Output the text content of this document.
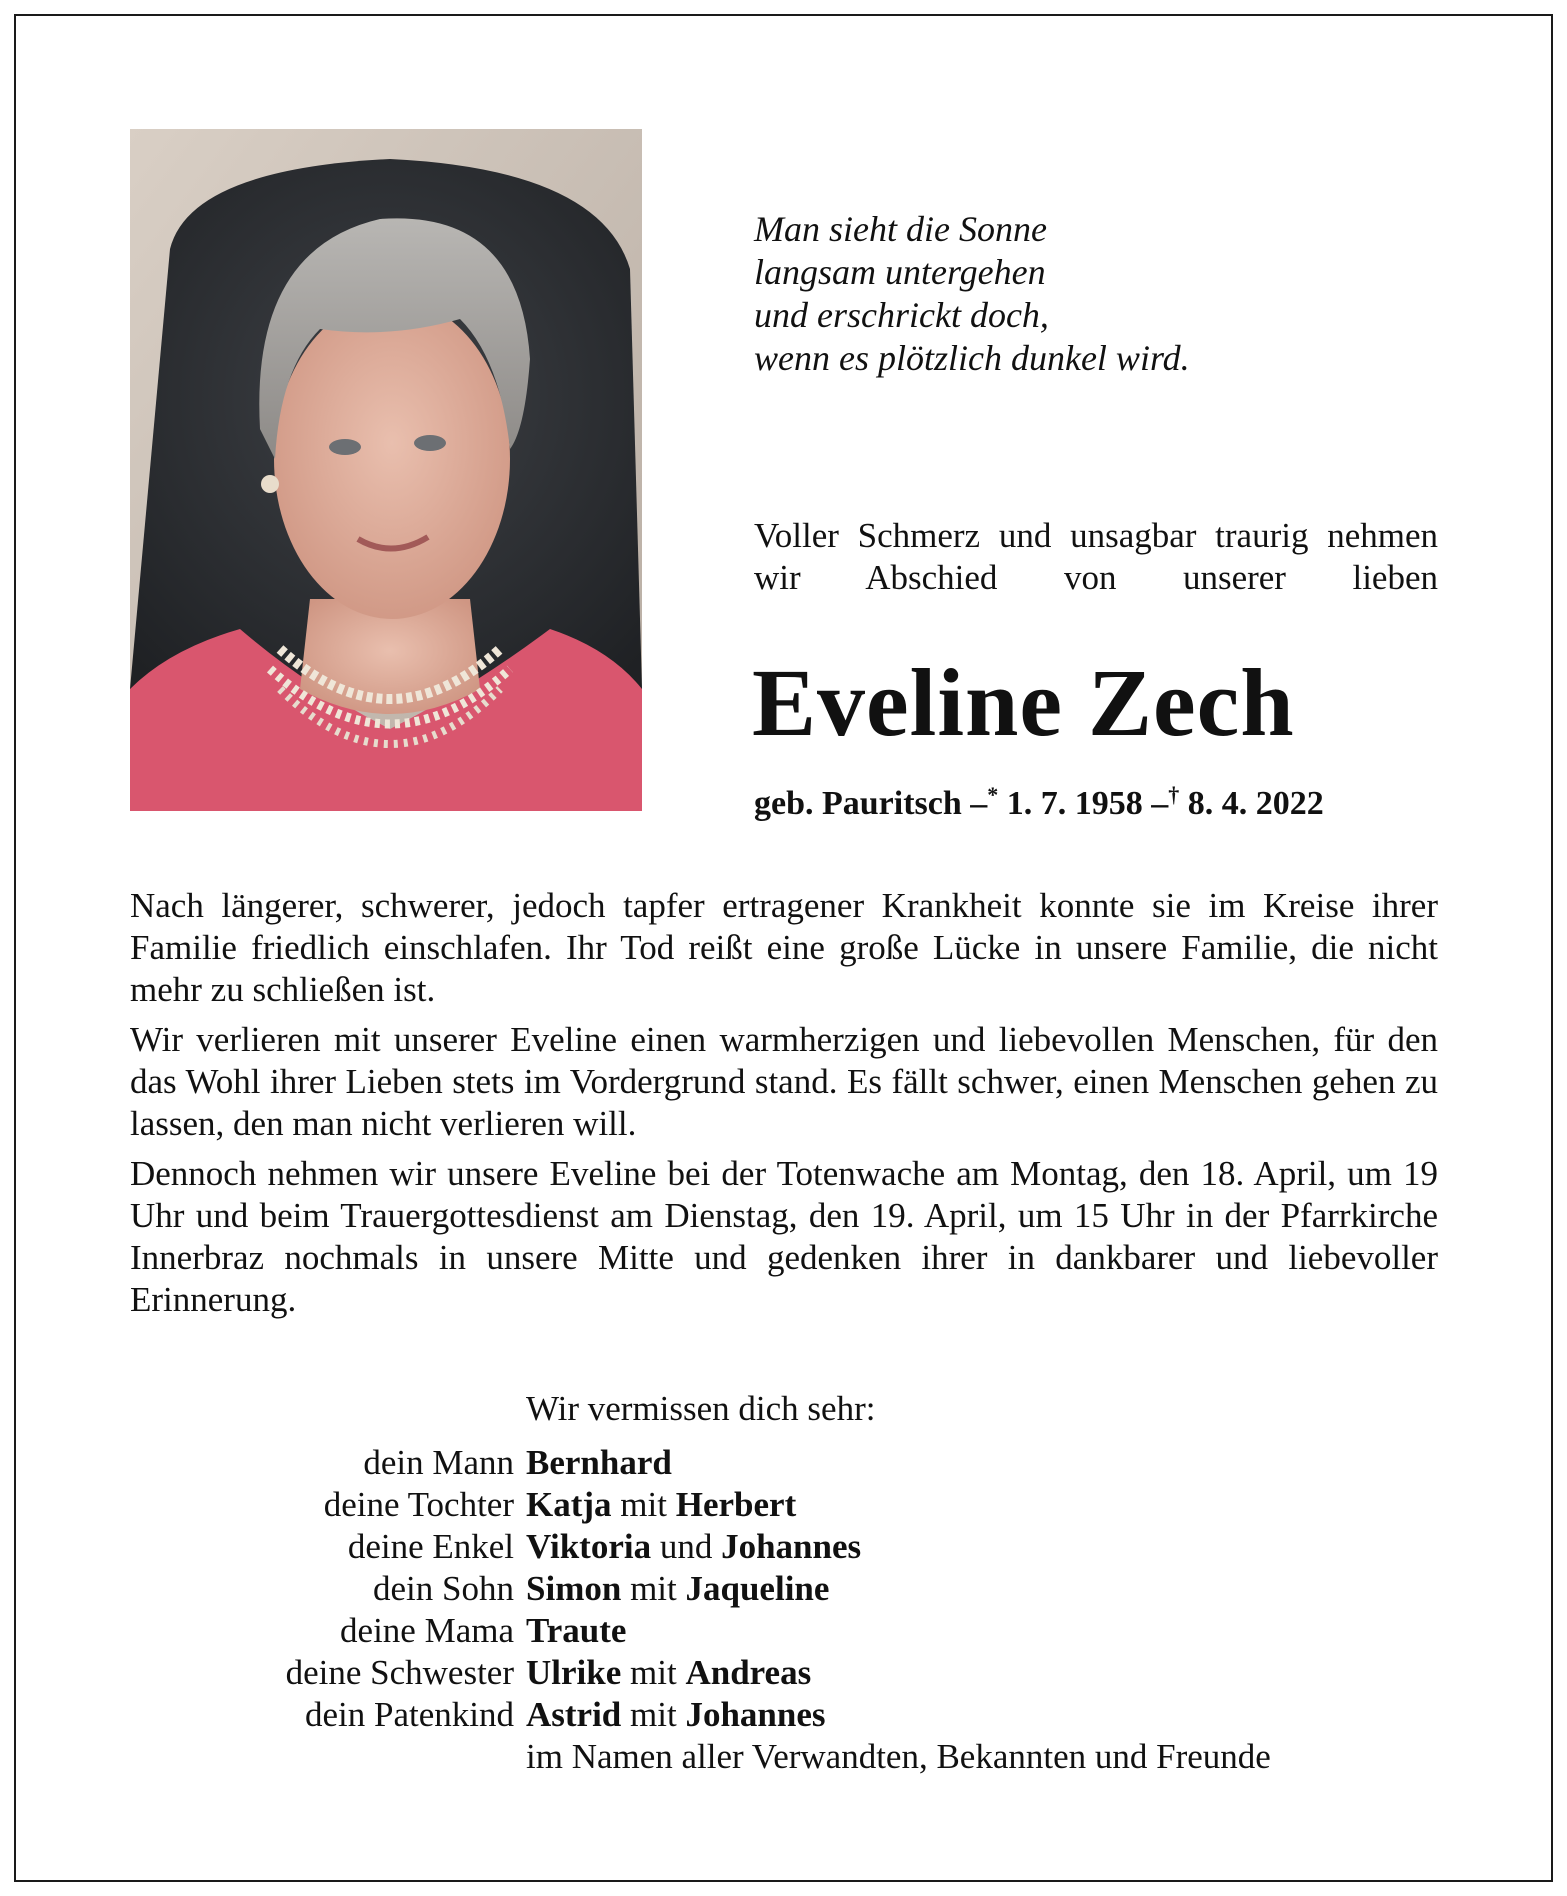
Man sieht die Sonne
langsam untergehen
und erschrickt doch,
wenn es plötzlich dunkel wird.

Voller Schmerz und unsagbar traurig nehmen wir Abschied von unserer lieben

Eveline Zech
geb. Pauritsch –* 1. 7. 1958 –† 8. 4. 2022

Nach längerer, schwerer, jedoch tapfer ertragener Krankheit konnte sie im Kreise ihrer Familie friedlich einschlafen. Ihr Tod reißt eine große Lücke in unsere Familie, die nicht mehr zu schließen ist.

Wir verlieren mit unserer Eveline einen warmherzigen und liebevollen Menschen, für den das Wohl ihrer Lieben stets im Vordergrund stand. Es fällt schwer, einen Menschen gehen zu lassen, den man nicht verlieren will.

Dennoch nehmen wir unsere Eveline bei der Totenwache am Montag, den 18. April, um 19 Uhr und beim Trauergottesdienst am Dienstag, den 19. April, um 15 Uhr in der Pfarrkirche Innerbraz nochmals in unsere Mitte und gedenken ihrer in dankbarer und liebevoller Erinnerung.

Wir vermissen dich sehr:
dein Mann Bernhard
deine Tochter Katja mit Herbert
deine Enkel Viktoria und Johannes
dein Sohn Simon mit Jaqueline
deine Mama Traute
deine Schwester Ulrike mit Andreas
dein Patenkind Astrid mit Johannes
im Namen aller Verwandten, Bekannten und Freunde
